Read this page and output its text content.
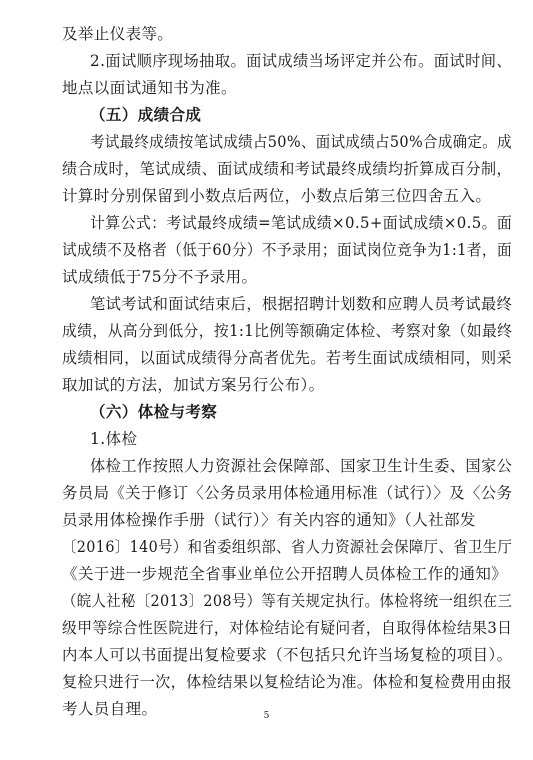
及举止仪表等。
2.面试顺序现场抽取。面试成绩当场评定并公布。面试时间、
地点以面试通知书为准。
（五）成绩合成
考试最终成绩按笔试成绩占50%、面试成绩占50%合成确定。成
绩合成时，笔试成绩、面试成绩和考试最终成绩均折算成百分制，
计算时分别保留到小数点后两位，小数点后第三位四舍五入。
计算公式：考试最终成绩=笔试成绩×0.5+面试成绩×0.5。面
试成绩不及格者（低于60分）不予录用；面试岗位竞争为1:1者，面
试成绩低于75分不予录用。
笔试考试和面试结束后，根据招聘计划数和应聘人员考试最终
成绩，从高分到低分，按1:1比例等额确定体检、考察对象（如最终
成绩相同，以面试成绩得分高者优先。若考生面试成绩相同，则采
取加试的方法，加试方案另行公布）。
（六）体检与考察
1.体检
体检工作按照人力资源社会保障部、国家卫生计生委、国家公
务员局《关于修订〈公务员录用体检通用标准（试行）〉及〈公务
员录用体检操作手册（试行）〉有关内容的通知》（人社部发
〔2016〕140号）和省委组织部、省人力资源社会保障厅、省卫生厅
《关于进一步规范全省事业单位公开招聘人员体检工作的通知》
（皖人社秘〔2013〕208号）等有关规定执行。体检将统一组织在三
级甲等综合性医院进行，对体检结论有疑问者，自取得体检结果3日
内本人可以书面提出复检要求（不包括只允许当场复检的项目）。
复检只进行一次，体检结果以复检结论为准。体检和复检费用由报
考人员自理。	5
